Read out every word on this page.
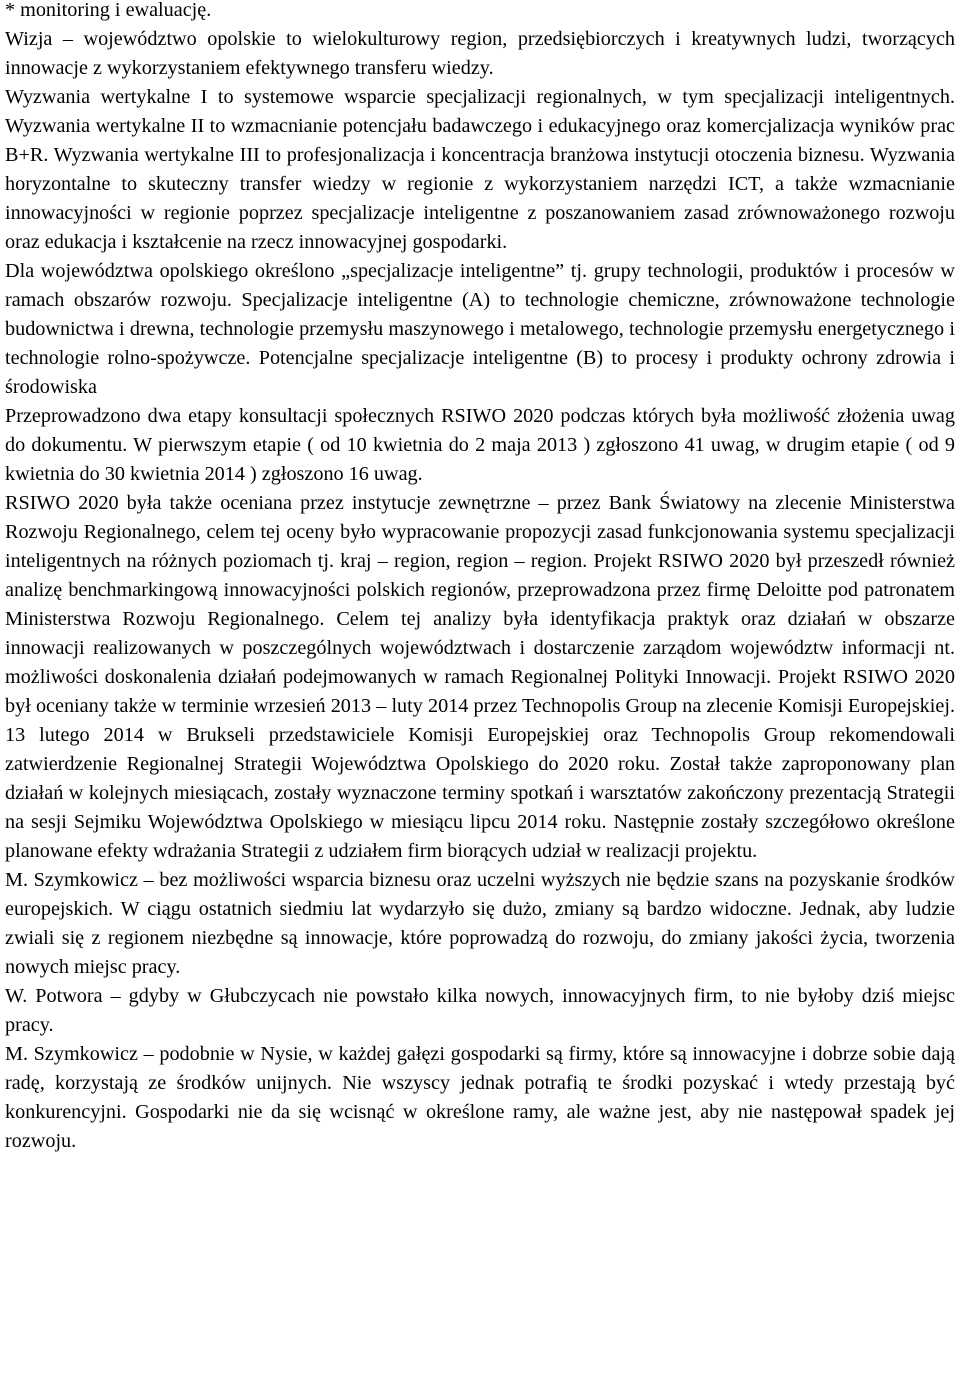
* monitoring i ewaluację.

Wizja – województwo opolskie to wielokulturowy region, przedsiębiorczych i kreatywnych ludzi, tworzących innowacje z wykorzystaniem efektywnego transferu wiedzy.

Wyzwania wertykalne I to systemowe wsparcie specjalizacji regionalnych, w tym specjalizacji inteligentnych. Wyzwania wertykalne II to wzmacnianie potencjału badawczego i edukacyjnego oraz komercjalizacja wyników prac B+R. Wyzwania wertykalne III to profesjonalizacja i koncentracja branżowa instytucji otoczenia biznesu. Wyzwania horyzontalne to skuteczny transfer wiedzy w regionie z wykorzystaniem narzędzi ICT, a także wzmacnianie innowacyjności w regionie poprzez specjalizacje inteligentne z poszanowaniem zasad zrównoważonego rozwoju oraz edukacja i kształcenie na rzecz innowacyjnej gospodarki.

Dla województwa opolskiego określono „specjalizacje inteligentne” tj. grupy technologii, produktów i procesów w ramach obszarów rozwoju. Specjalizacje inteligentne (A) to technologie chemiczne, zrównoważone technologie budownictwa i drewna, technologie przemysłu maszynowego i metalowego, technologie przemysłu energetycznego i technologie rolno-spożywcze. Potencjalne specjalizacje inteligentne (B) to procesy i produkty ochrony zdrowia i środowiska

Przeprowadzono dwa etapy konsultacji społecznych RSIWO 2020 podczas których była możliwość złożenia uwag do dokumentu. W pierwszym etapie ( od 10 kwietnia do 2 maja 2013 ) zgłoszono 41 uwag, w drugim etapie ( od 9 kwietnia do 30 kwietnia 2014 ) zgłoszono 16 uwag.

RSIWO 2020 była także oceniana przez instytucje zewnętrzne – przez Bank Światowy na zlecenie Ministerstwa Rozwoju Regionalnego, celem tej oceny było wypracowanie propozycji zasad funkcjonowania systemu specjalizacji inteligentnych na różnych poziomach tj. kraj – region, region – region. Projekt RSIWO 2020 był przeszedł również analizę benchmarkingową innowacyjności polskich regionów, przeprowadzona przez firmę Deloitte pod patronatem Ministerstwa Rozwoju Regionalnego. Celem tej analizy była identyfikacja praktyk oraz działań w obszarze innowacji realizowanych w poszczególnych województwach i dostarczenie zarządom województw informacji nt. możliwości doskonalenia działań podejmowanych w ramach Regionalnej Polityki Innowacji. Projekt RSIWO 2020 był oceniany także w terminie wrzesień 2013 – luty 2014 przez Technopolis Group na zlecenie Komisji Europejskiej. 13 lutego 2014 w Brukseli przedstawiciele Komisji Europejskiej oraz Technopolis Group rekomendowali zatwierdzenie Regionalnej Strategii Województwa Opolskiego do 2020 roku. Został także zaproponowany plan działań w kolejnych miesiącach, zostały wyznaczone terminy spotkań i warsztatów zakończony prezentacją Strategii na sesji Sejmiku Województwa Opolskiego w miesiącu lipcu 2014 roku. Następnie zostały szczegółowo określone planowane efekty wdrażania Strategii z udziałem firm biorących udział w realizacji projektu.

M. Szymkowicz – bez możliwości wsparcia biznesu oraz uczelni wyższych nie będzie szans na pozyskanie środków europejskich. W ciągu ostatnich siedmiu lat wydarzyło się dużo, zmiany są bardzo widoczne. Jednak, aby ludzie zwiali się z regionem niezbędne są innowacje, które poprowadzą do rozwoju, do zmiany jakości życia, tworzenia nowych miejsc pracy.

W. Potwora – gdyby w Głubczycach nie powstało kilka nowych, innowacyjnych firm, to nie byłoby dziś miejsc pracy.

M. Szymkowicz – podobnie w Nysie, w każdej gałęzi gospodarki są firmy, które są innowacyjne i dobrze sobie dają radę, korzystają ze środków unijnych. Nie wszyscy jednak potrafią te środki pozyskać i wtedy przestają być konkurencyjni. Gospodarki nie da się wcisnąć w określone ramy, ale ważne jest, aby nie następował spadek jej rozwoju.
